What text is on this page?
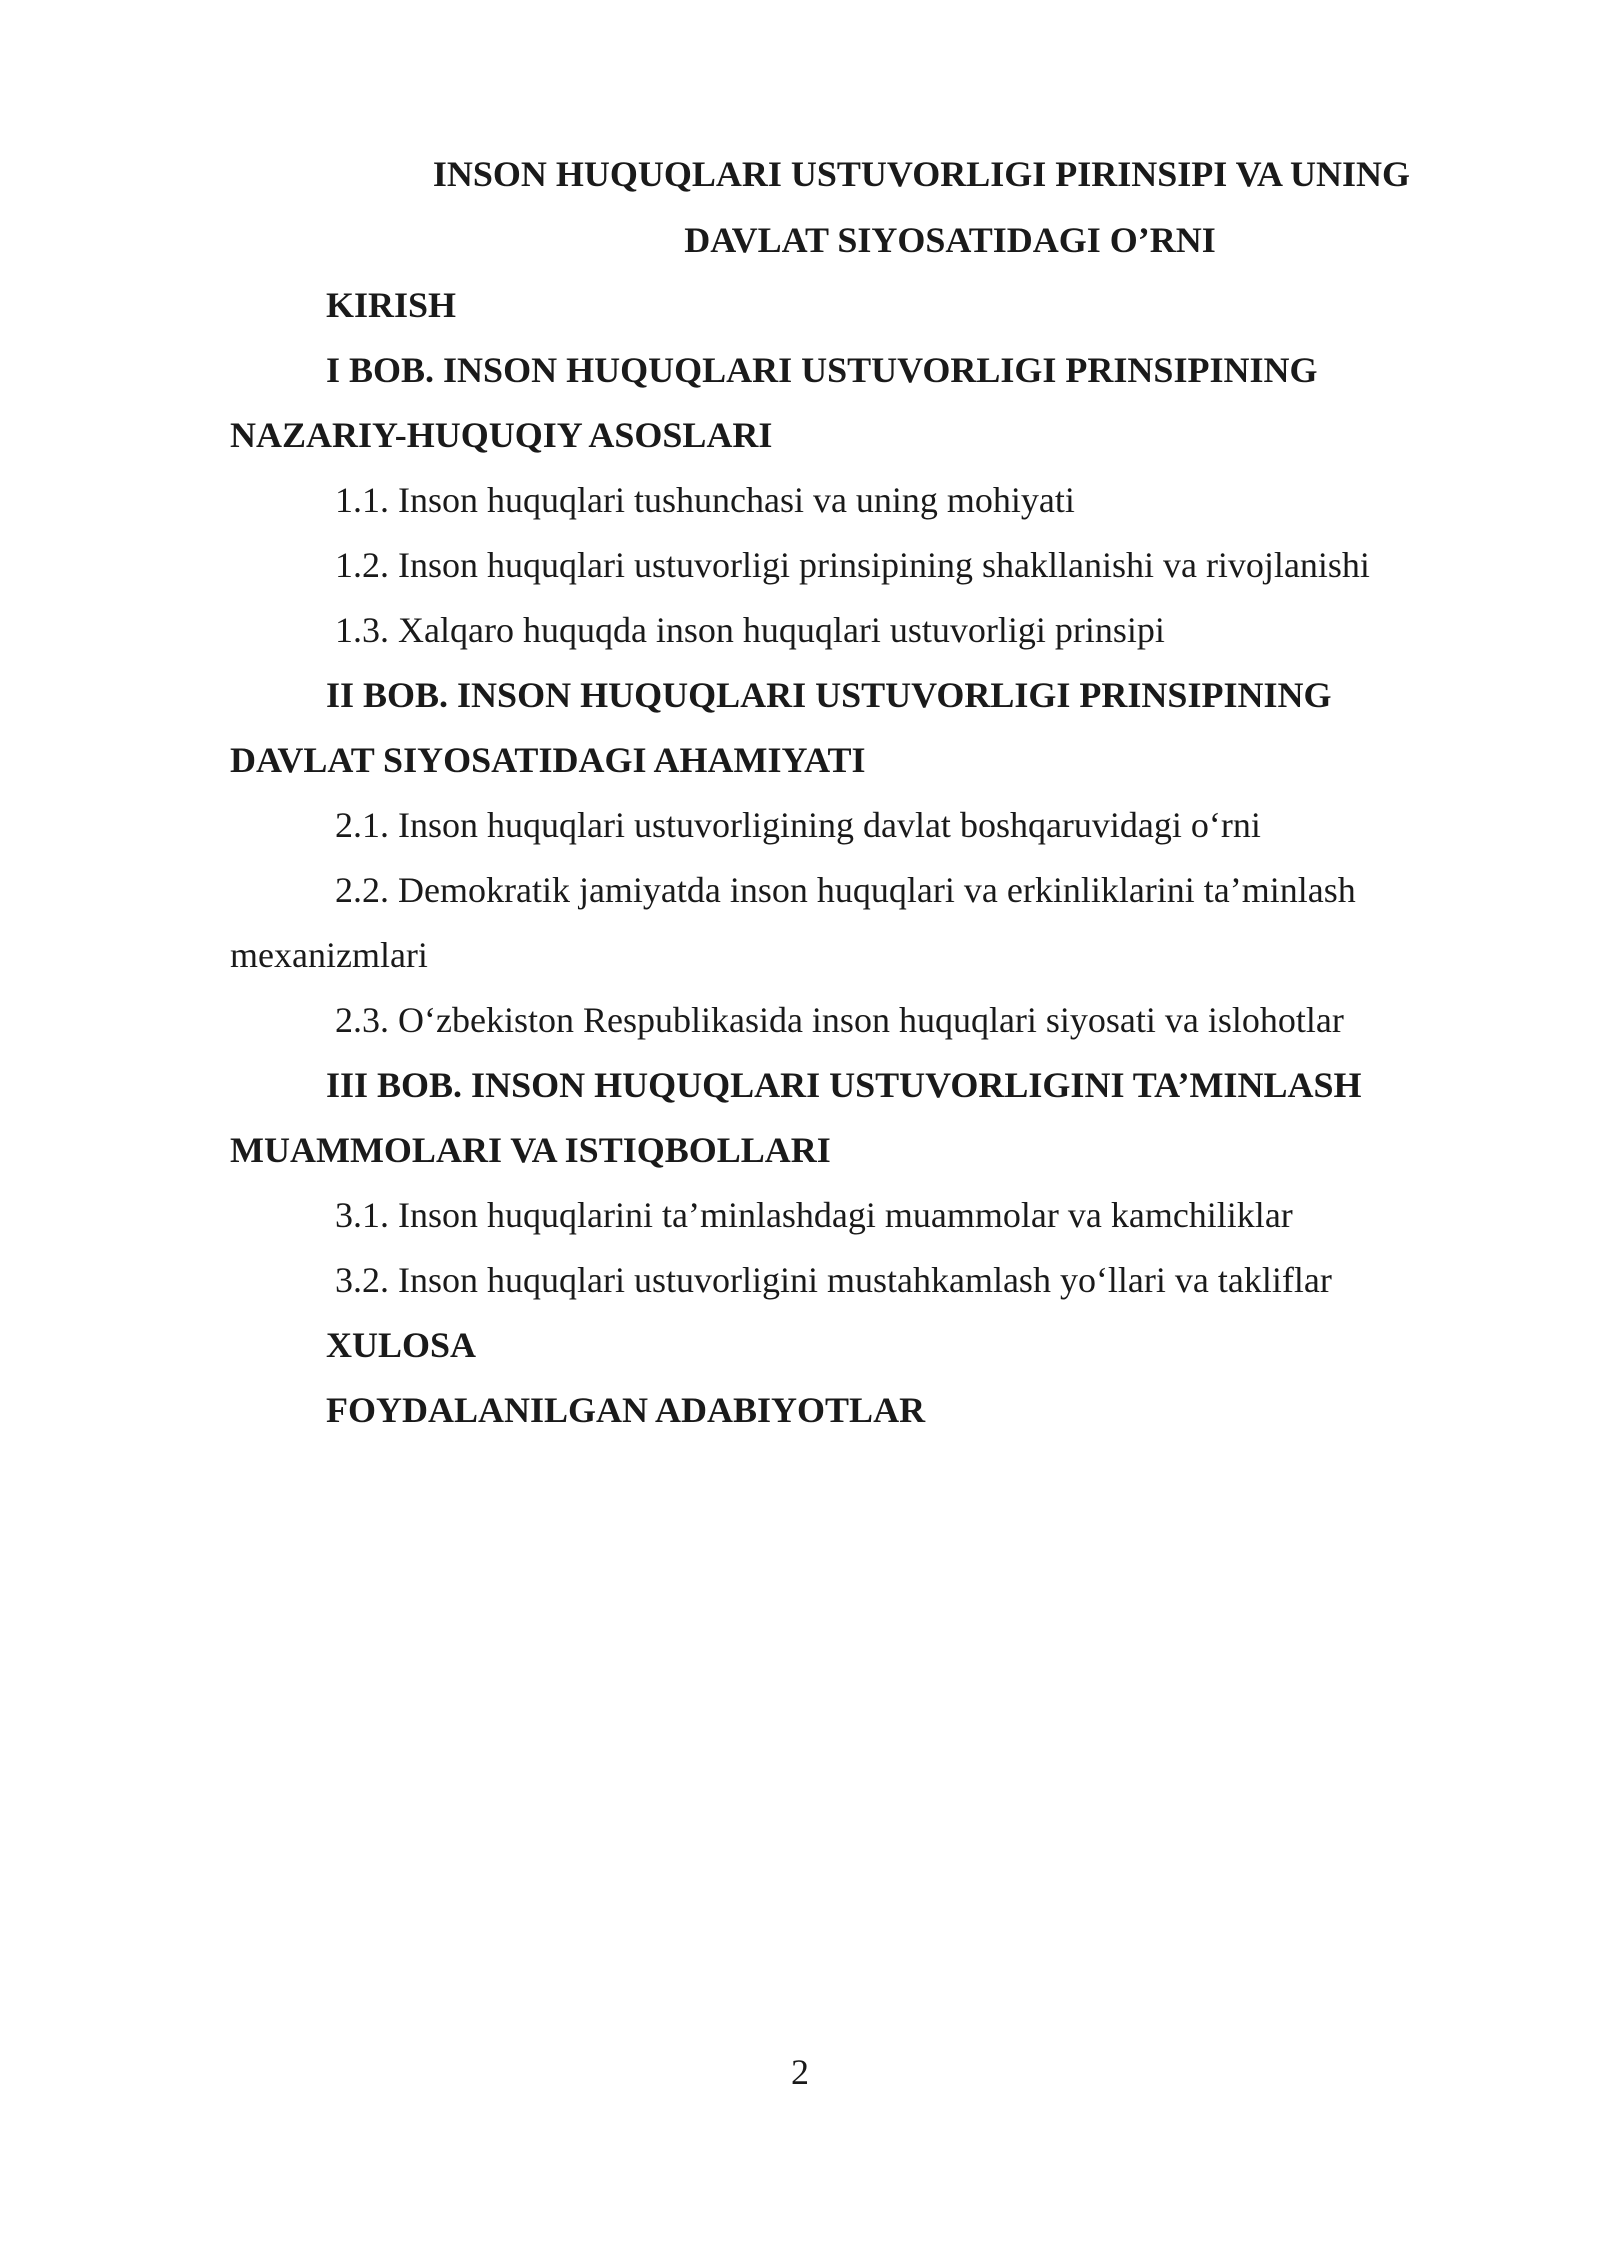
INSON HUQUQLARI USTUVORLIGI PIRINSIPI VA UNING
DAVLAT SIYOSATIDAGI O’RNI
KIRISH
I BOB. INSON HUQUQLARI USTUVORLIGI PRINSIPINING
NAZARIY-HUQUQIY ASOSLARI
1.1. Inson huquqlari tushunchasi va uning mohiyati
1.2. Inson huquqlari ustuvorligi prinsipining shakllanishi va rivojlanishi
1.3. Xalqaro huquqda inson huquqlari ustuvorligi prinsipi
II BOB. INSON HUQUQLARI USTUVORLIGI PRINSIPINING
DAVLAT SIYOSATIDAGI AHAMIYATI
2.1. Inson huquqlari ustuvorligining davlat boshqaruvidagi o‘rni
2.2. Demokratik jamiyatda inson huquqlari va erkinliklarini ta’minlash
mexanizmlari
2.3. O‘zbekiston Respublikasida inson huquqlari siyosati va islohotlar
III BOB. INSON HUQUQLARI USTUVORLIGINI TA’MINLASH
MUAMMOLARI VA ISTIQBOLLARI
3.1. Inson huquqlarini ta’minlashdagi muammolar va kamchiliklar
3.2. Inson huquqlari ustuvorligini mustahkamlash yo‘llari va takliflar
XULOSA
FOYDALANILGAN ADABIYOTLAR
2
